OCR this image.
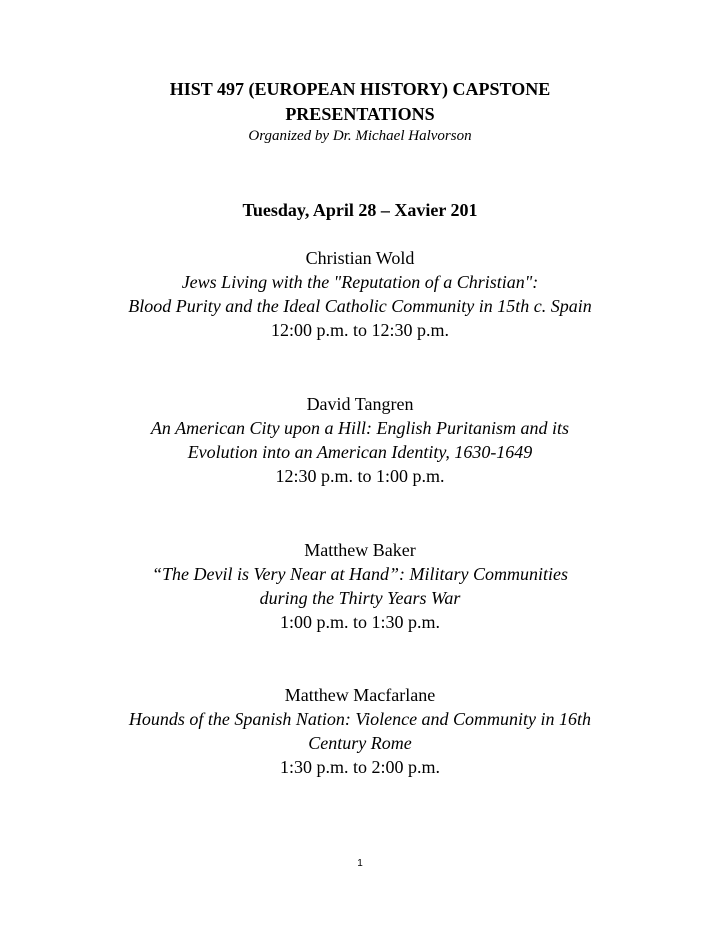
HIST 497 (EUROPEAN HISTORY) CAPSTONE
PRESENTATIONS
Organized by Dr. Michael Halvorson
Tuesday, April 28 – Xavier 201
Christian Wold
Jews Living with the "Reputation of a Christian":
Blood Purity and the Ideal Catholic Community in 15th c. Spain
12:00 p.m. to 12:30 p.m.
David Tangren
An American City upon a Hill: English Puritanism and its
Evolution into an American Identity, 1630-1649
12:30 p.m. to 1:00 p.m.
Matthew Baker
“The Devil is Very Near at Hand”: Military Communities
during the Thirty Years War
1:00 p.m. to 1:30 p.m.
Matthew Macfarlane
Hounds of the Spanish Nation: Violence and Community in 16th
Century Rome
1:30 p.m. to 2:00 p.m.
1
